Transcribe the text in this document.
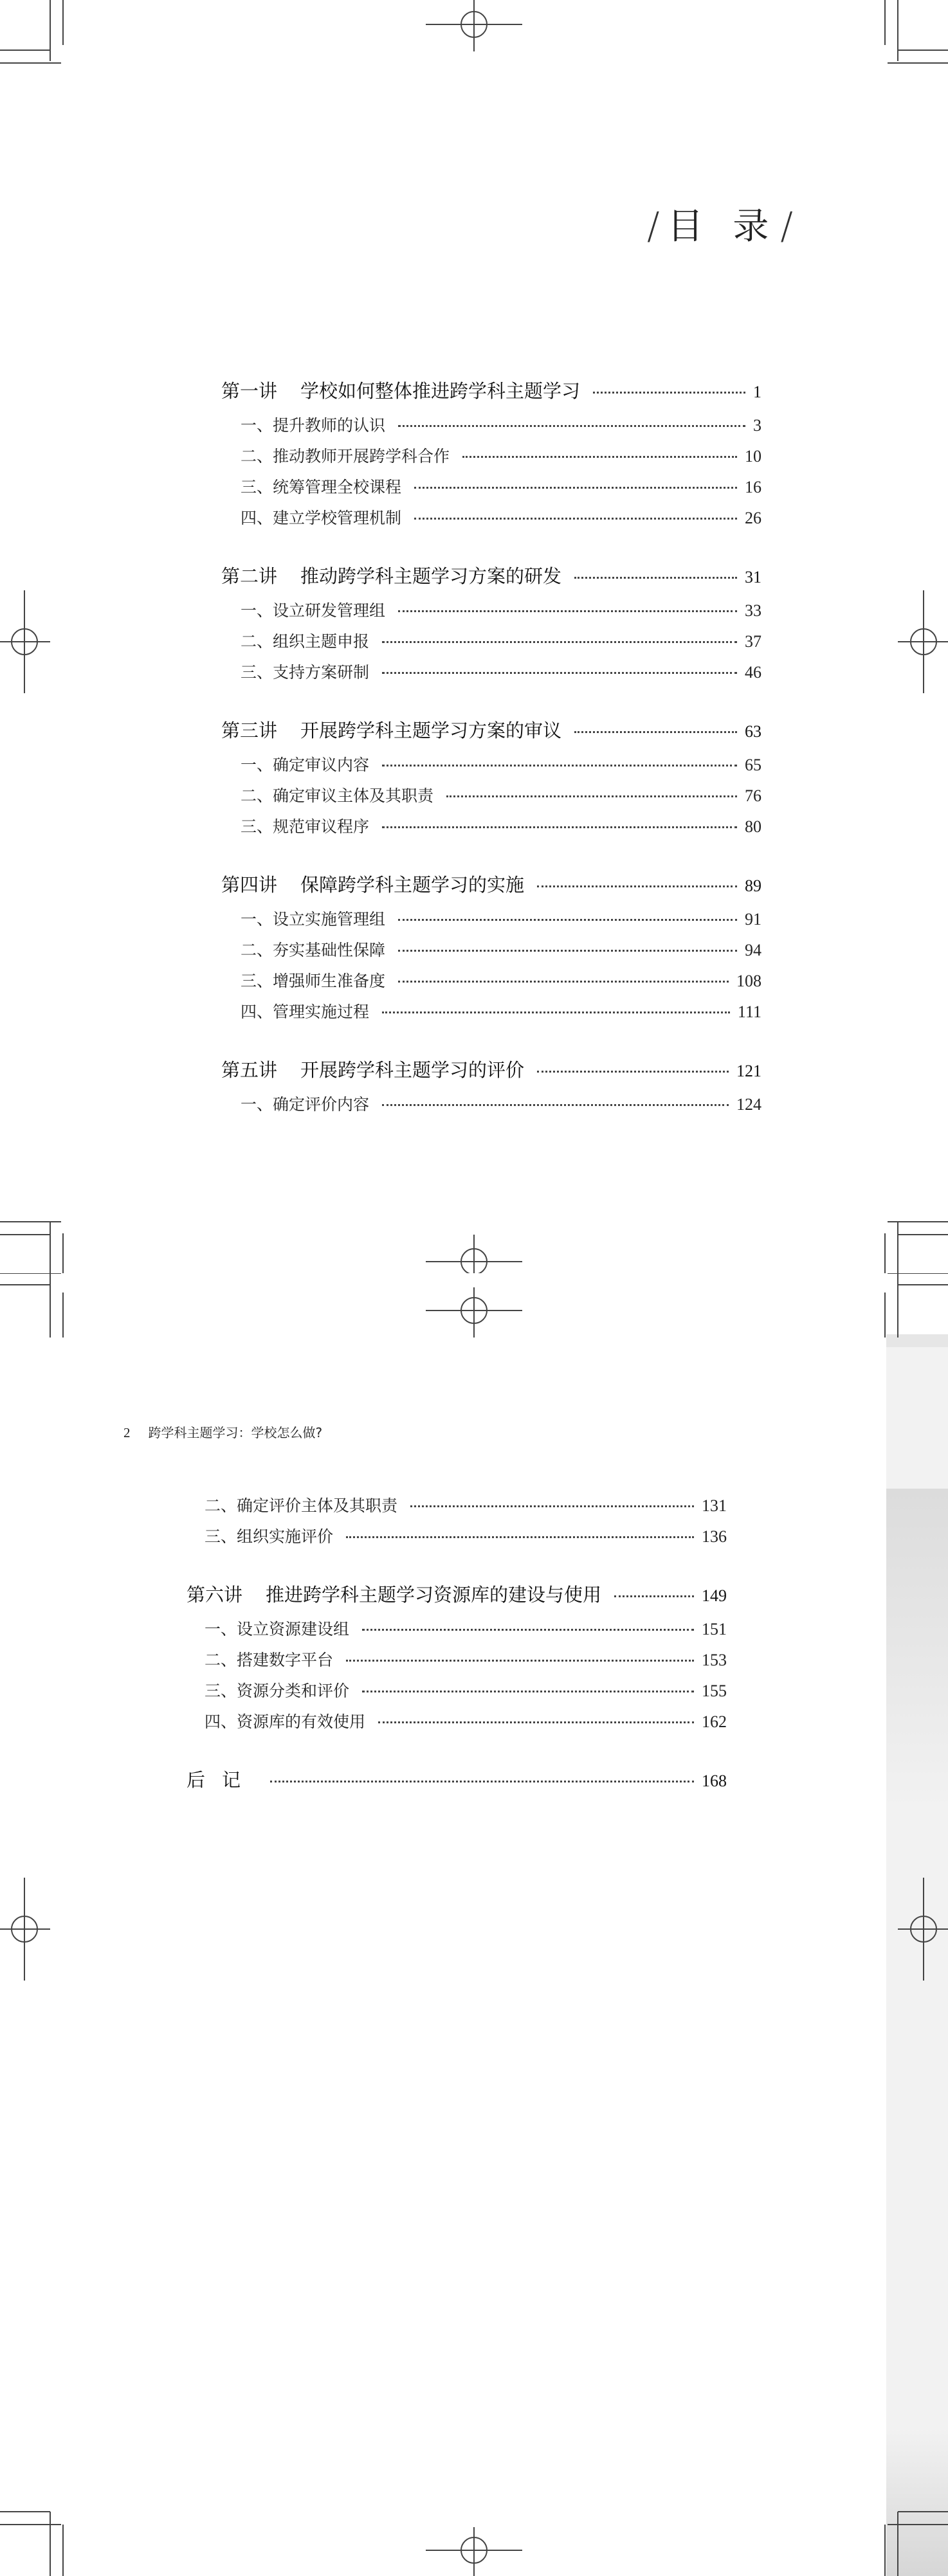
/ 目 录/
第一讲 学校如何整体推进跨学科主题学习	1
一、提升教师的认识	3
二、推动教师开展跨学科合作	10
三、统筹管理全校课程	16
四、建立学校管理机制	26
第二讲 推动跨学科主题学习方案的研发	31
一、设立研发管理组	33
二、组织主题申报	37
三、支持方案研制	46
第三讲 开展跨学科主题学习方案的审议	63
一、确定审议内容	65
二、确定审议主体及其职责	76
三、规范审议程序	80
第四讲 保障跨学科主题学习的实施	89
一、设立实施管理组	91
二、夯实基础性保障	94
三、增强师生准备度	108
四、管理实施过程	111
第五讲 开展跨学科主题学习的评价	121
一、确定评价内容	124
2 跨学科主题学习：学校怎么做?
二、确定评价主体及其职责	131
三、组织实施评价	136
第六讲 推进跨学科主题学习资源库的建设与使用	149
一、设立资源建设组	151
二、搭建数字平台	153
三、资源分类和评价	155
四、资源库的有效使用	162
后记	168
